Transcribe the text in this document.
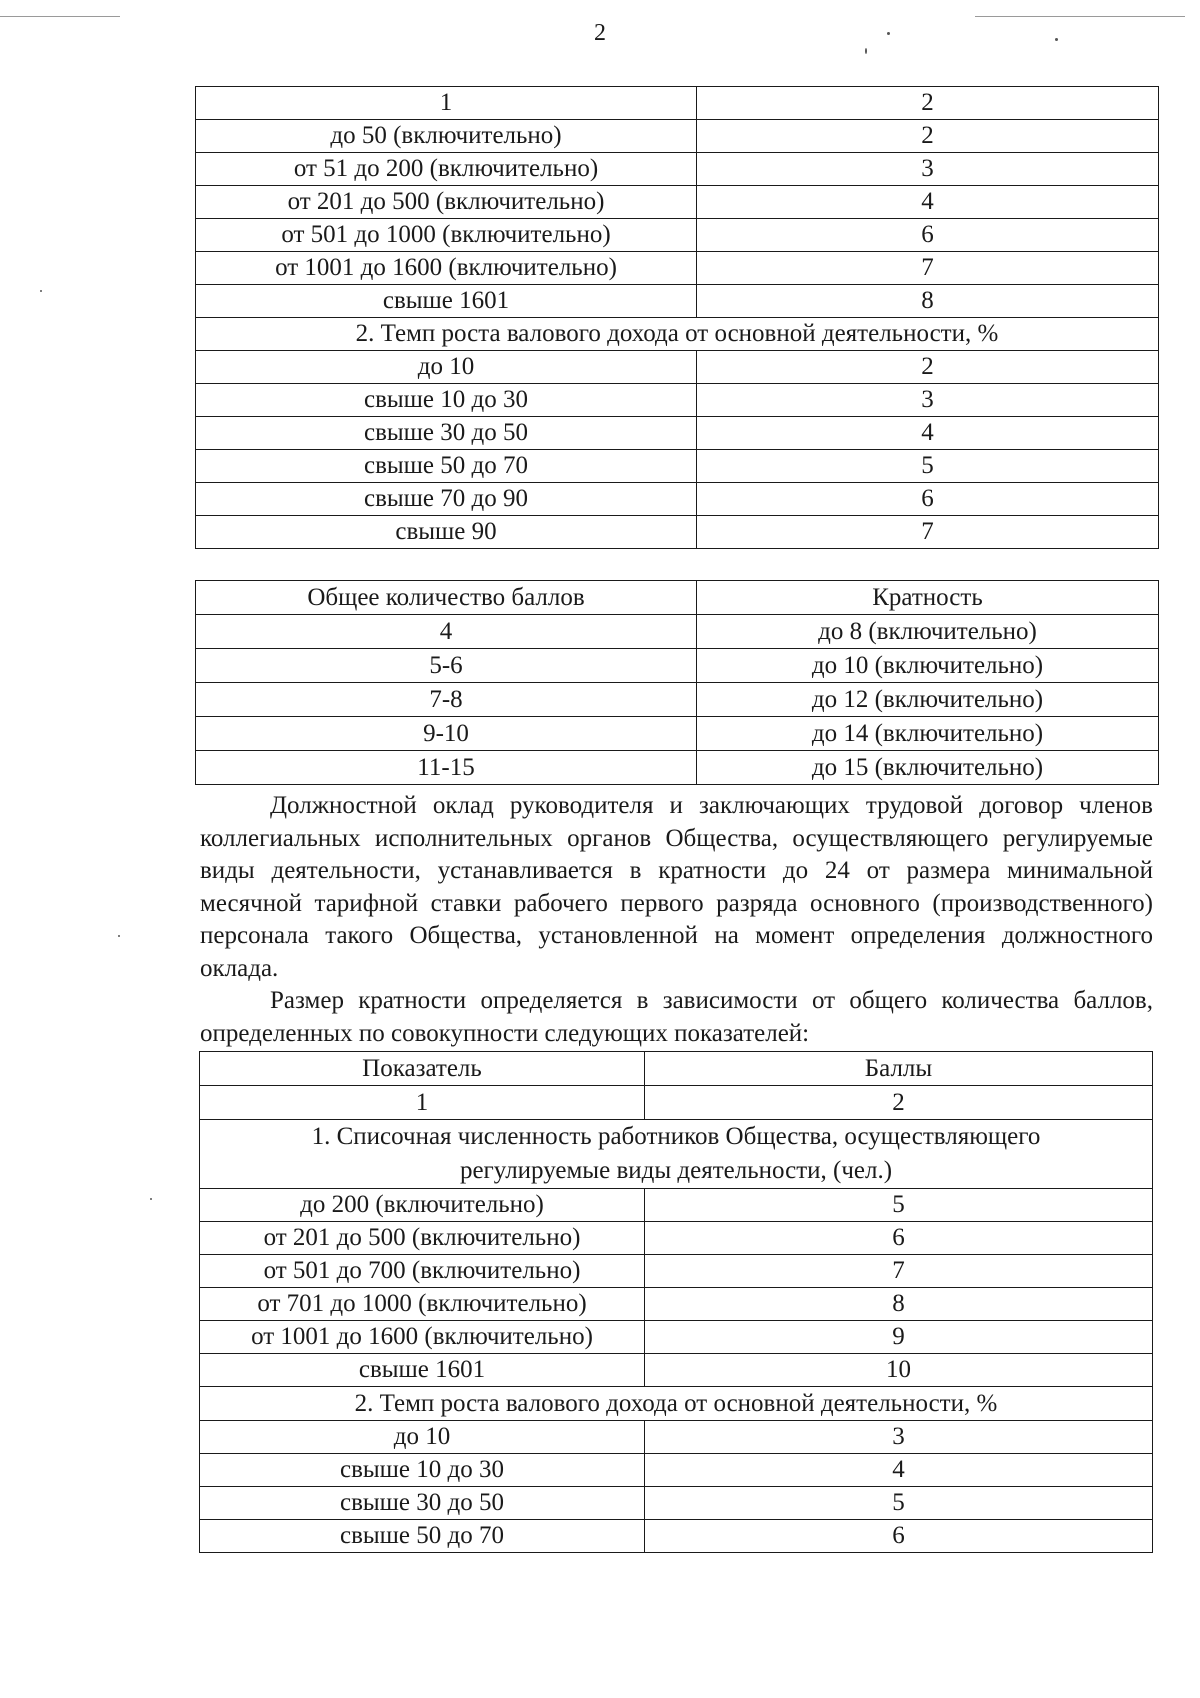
2
1	2
до 50 (включительно)	2
от 51 до 200 (включительно)	3
от 201 до 500 (включительно)	4
от 501 до 1000 (включительно)	6
от 1001 до 1600 (включительно)	7
свыше 1601	8
2. Темп роста валового дохода от основной деятельности, %	
до 10	2
свыше 10 до 30	3
свыше 30 до 50	4
свыше 50 до 70	5
свыше 70 до 90	6
свыше 90	7
Общее количество баллов	Кратность
4	до 8 (включительно)
5-6	до 10 (включительно)
7-8	до 12 (включительно)
9-10	до 14 (включительно)
11-15	до 15 (включительно)

Должностной оклад руководителя и заключающих трудовой договор членов коллегиальных исполнительных органов Общества, осуществляющего регулируемые виды деятельности, устанавливается в кратности до 24 от размера минимальной месячной тарифной ставки рабочего первого разряда основного (производственного) персонала такого Общества, установленной на момент определения должностного оклада.

Размер кратности определяется в зависимости от общего количества баллов, определенных по совокупности следующих показателей:

Показатель	Баллы
1	2
1. Списочная численность работников Общества, осуществляющего
регулируемые виды деятельности, (чел.)	
до 200 (включительно)	5
от 201 до 500 (включительно)	6
от 501 до 700 (включительно)	7
от 701 до 1000 (включительно)	8
от 1001 до 1600 (включительно)	9
свыше 1601	10
2. Темп роста валового дохода от основной деятельности, %	
до 10	3
свыше 10 до 30	4
свыше 30 до 50	5
свыше 50 до 70	6
